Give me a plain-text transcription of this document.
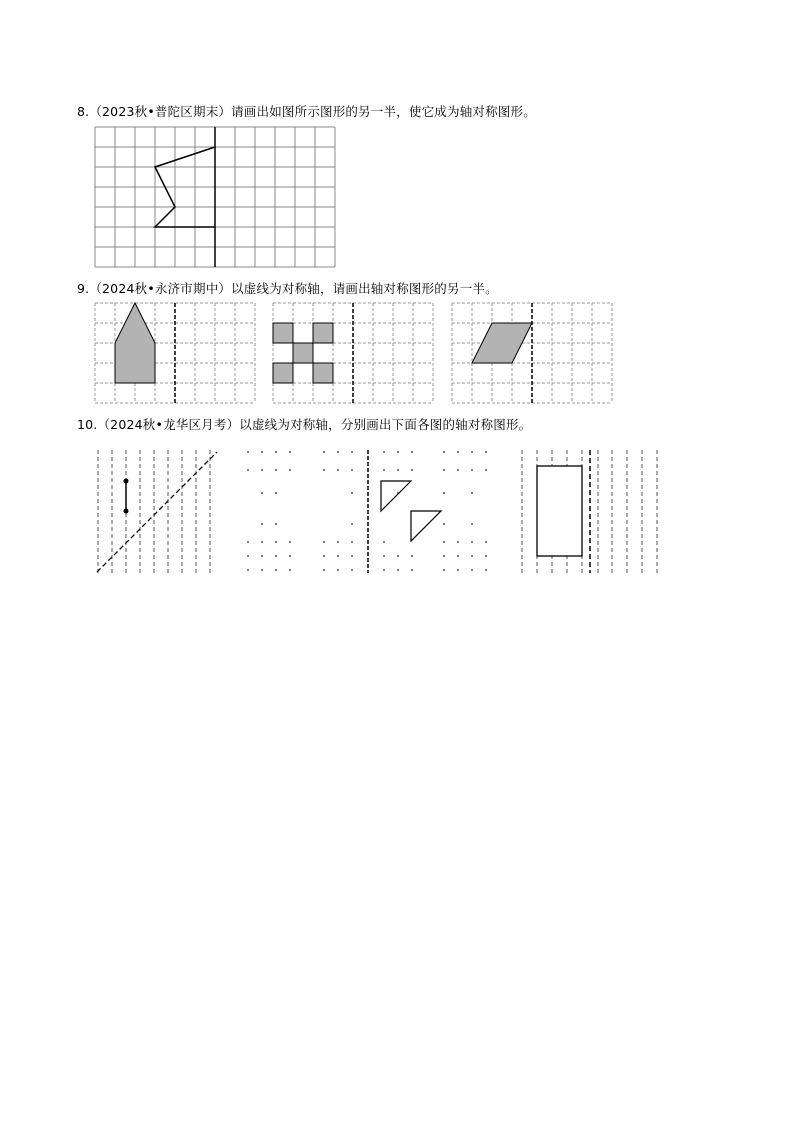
8.（2023秋•普陀区期末）请画出如图所示图形的另一半，使它成为轴对称图形。
9.（2024秋•永济市期中）以虚线为对称轴，请画出轴对称图形的另一半。
10.（2024秋•龙华区月考）以虚线为对称轴，分别画出下面各图的轴对称图形。
